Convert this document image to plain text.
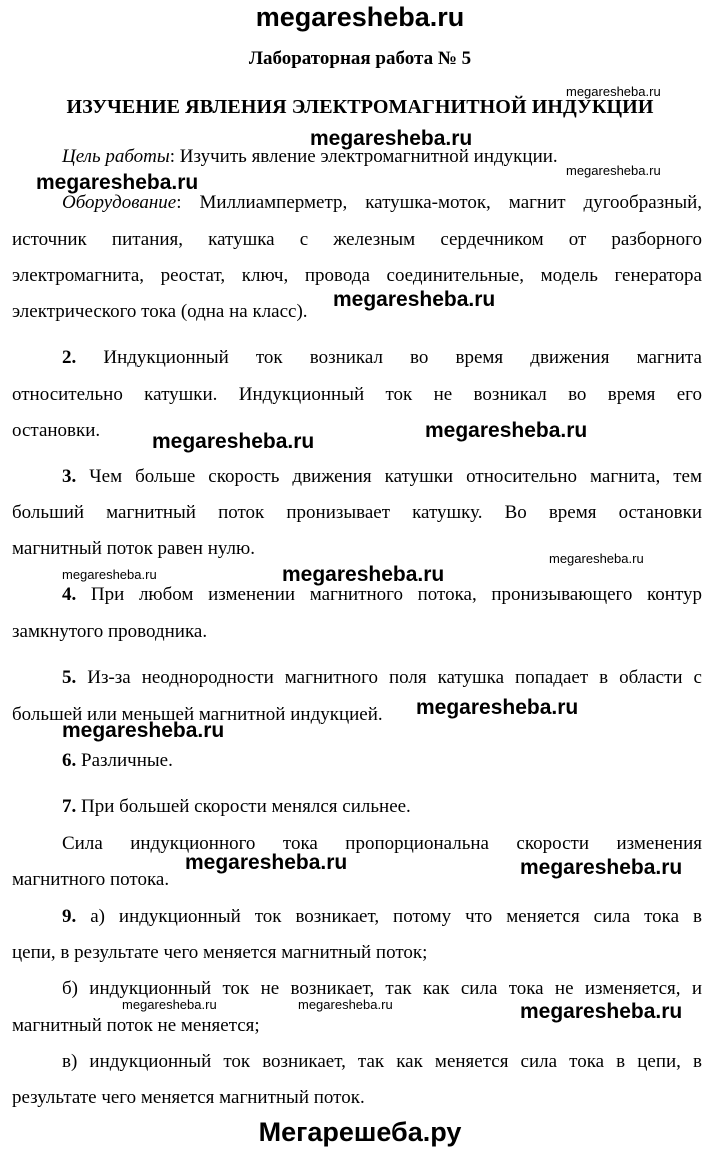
megaresheba.ru
Лабораторная работа № 5
ИЗУЧЕНИЕ ЯВЛЕНИЯ ЭЛЕКТРОМАГНИТНОЙ ИНДУКЦИИ
Цель работы: Изучить явление электромагнитной индукции.
Оборудование: Миллиамперметр, катушка-моток, магнит дугообразный,
источник питания, катушка с железным сердечником от разборного
электромагнита, реостат, ключ, провода соединительные, модель генератора
электрического тока (одна на класс).
2. Индукционный ток возникал во время движения магнита
относительно катушки. Индукционный ток не возникал во время его
остановки.
3. Чем больше скорость движения катушки относительно магнита, тем
больший магнитный поток пронизывает катушку. Во время остановки
магнитный поток равен нулю.
4. При любом изменении магнитного потока, пронизывающего контур
замкнутого проводника.
5. Из-за неоднородности магнитного поля катушка попадает в области с
большей или меньшей магнитной индукцией.
6. Различные.
7. При большей скорости менялся сильнее.
Сила индукционного тока пропорциональна скорости изменения
магнитного потока.
9. а) индукционный ток возникает, потому что меняется сила тока в
цепи, в результате чего меняется магнитный поток;
б) индукционный ток не возникает, так как сила тока не изменяется, и
магнитный поток не меняется;
в) индукционный ток возникает, так как меняется сила тока в цепи, в
результате чего меняется магнитный поток.
megaresheba.ru
megaresheba.ru
megaresheba.ru
megaresheba.ru
megaresheba.ru
megaresheba.ru	megaresheba.ru
megaresheba.ru
megaresheba.ru	megaresheba.ru
megaresheba.ru
megaresheba.ru
megaresheba.ru	megaresheba.ru
megaresheba.ru	megaresheba.ru	megaresheba.ru
Мегарешеба.ру
